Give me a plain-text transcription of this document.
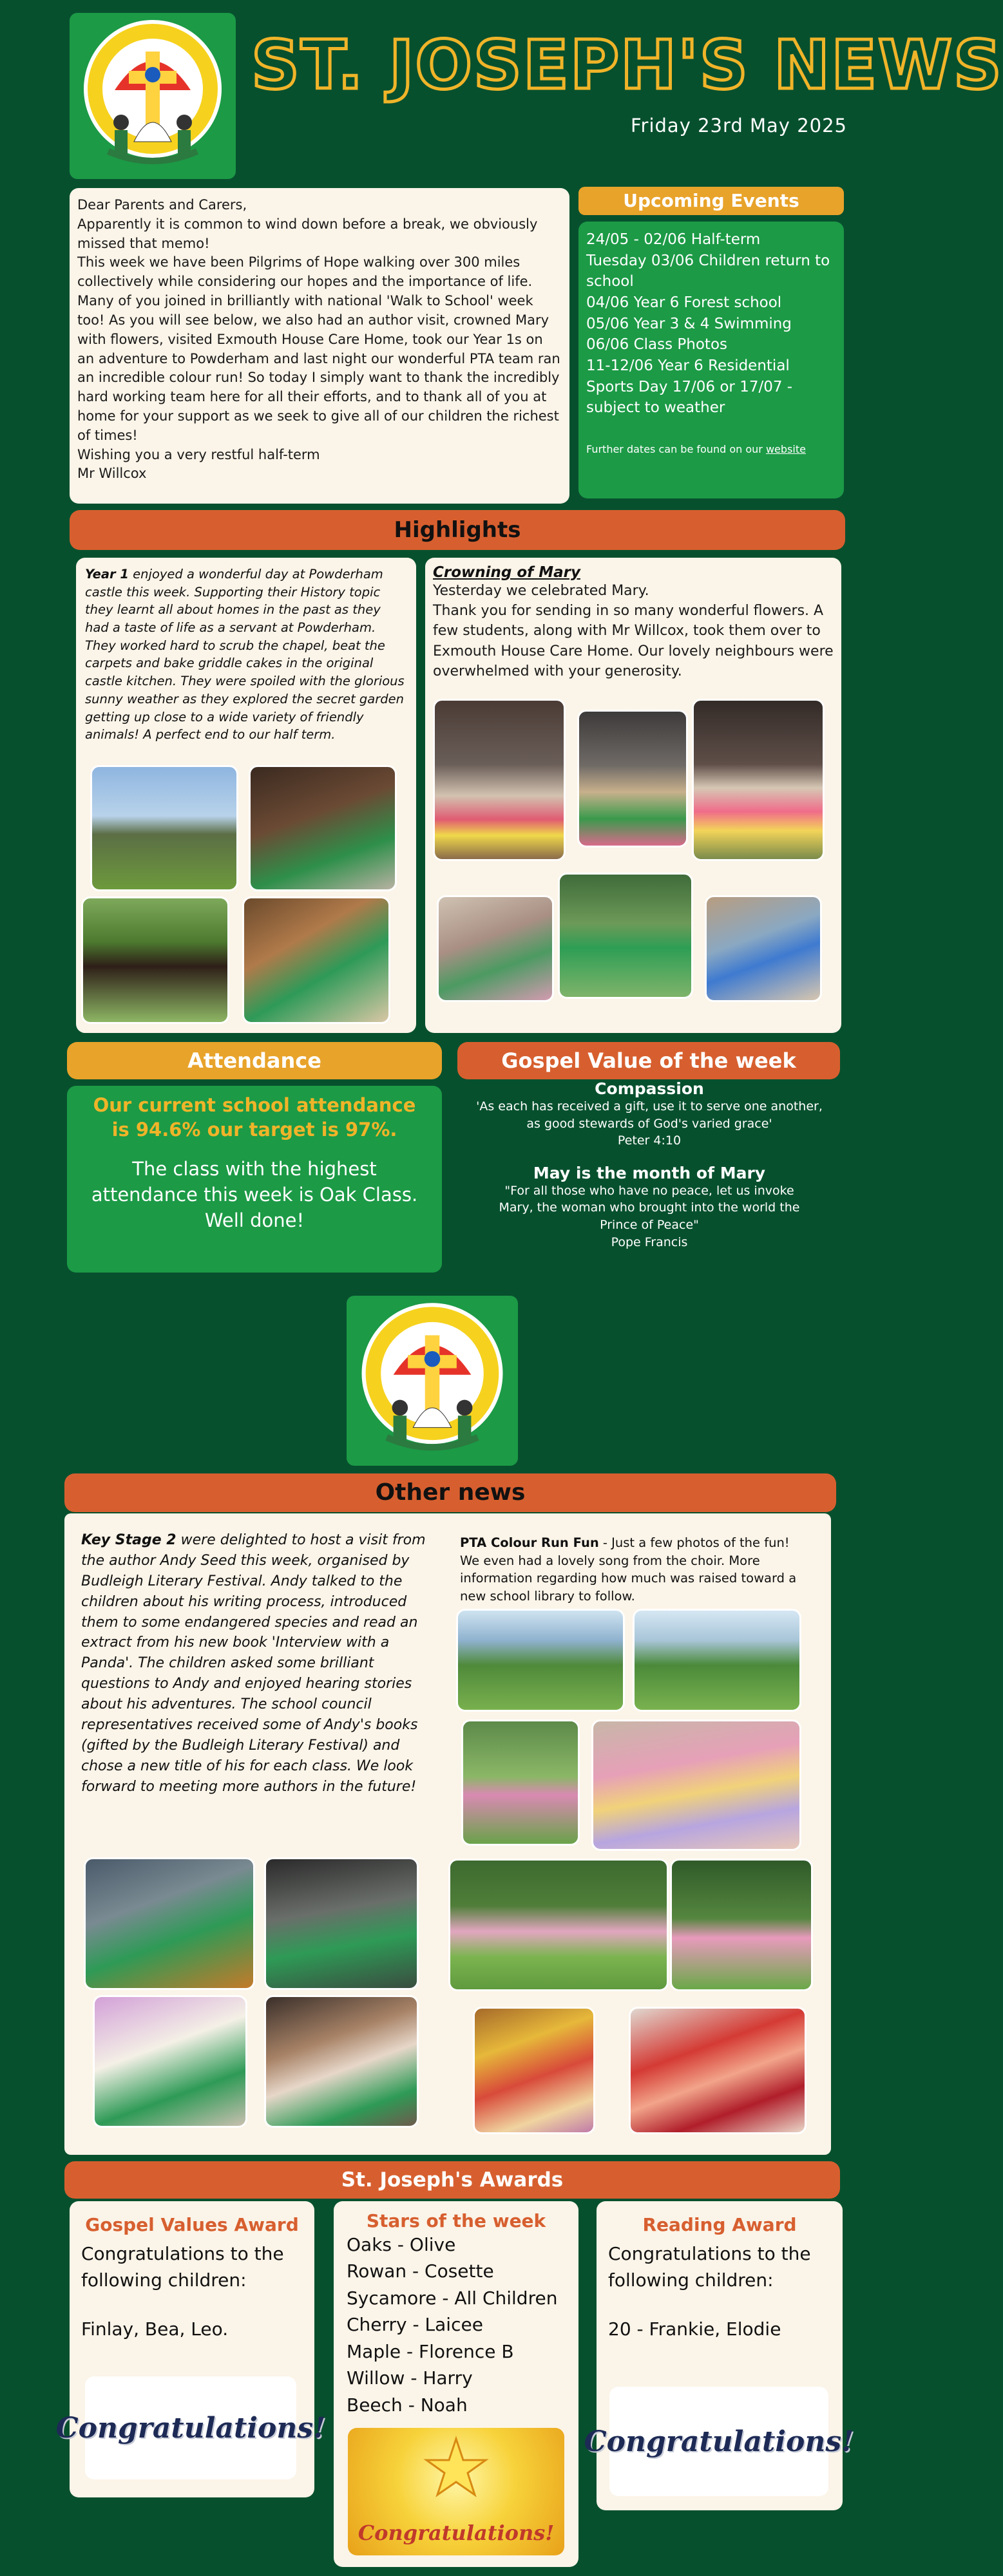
ST. JOSEPH'S NEWS
Friday 23rd May 2025

Dear Parents and Carers,

Apparently it is common to wind down before a break, we obviously missed that memo!

This week we have been Pilgrims of Hope walking over 300 miles collectively while considering our hopes and the importance of life. Many of you joined in brilliantly with national 'Walk to School' week too! As you will see below, we also had an author visit, crowned Mary with flowers, visited Exmouth House Care Home, took our Year 1s on an adventure to Powderham and last night our wonderful PTA team ran an incredible colour run! So today I simply want to thank the incredibly hard working team here for all their efforts, and to thank all of you at home for your support as we seek to give all of our children the richest of times!

Wishing you a very restful half-term

Mr Willcox

Upcoming Events
24/05 - 02/06 Half-term
Tuesday 03/06 Children return to school
04/06 Year 6 Forest school
05/06 Year 3 & 4 Swimming
06/06 Class Photos
11-12/06 Year 6 Residential
Sports Day 17/06 or 17/07 - subject to weather
Further dates can be found on our website
Highlights

Year 1 enjoyed a wonderful day at Powderham castle this week. Supporting their History topic they learnt all about homes in the past as they had a taste of life as a servant at Powderham. They worked hard to scrub the chapel, beat the carpets and bake griddle cakes in the original castle kitchen. They were spoiled with the glorious sunny weather as they explored the secret garden getting up close to a wide variety of friendly animals! A perfect end to our half term.

Crowning of Mary

Yesterday we celebrated Mary.

Thank you for sending in so many wonderful flowers. A few students, along with Mr Willcox, took them over to Exmouth House Care Home. Our lovely neighbours were overwhelmed with your generosity.

Attendance

Our current school attendance is 94.6% our target is 97%.

The class with the highest attendance this week is Oak Class. Well done!

Gospel Value of the week

Compassion

'As each has received a gift, use it to serve one another, as good stewards of God's varied grace'

Peter 4:10

May is the month of Mary

"For all those who have no peace, let us invoke Mary, the woman who brought into the world the Prince of Peace"

Pope Francis

Other news

Key Stage 2 were delighted to host a visit from the author Andy Seed this week, organised by Budleigh Literary Festival. Andy talked to the children about his writing process, introduced them to some endangered species and read an extract from his new book 'Interview with a Panda'. The children asked some brilliant questions to Andy and enjoyed hearing stories about his adventures. The school council representatives received some of Andy's books (gifted by the Budleigh Literary Festival) and chose a new title of his for each class. We look forward to meeting more authors in the future!

PTA Colour Run Fun - Just a few photos of the fun! We even had a lovely song from the choir. More information regarding how much was raised toward a new school library to follow.

St. Joseph's Awards

Gospel Values Award

Congratulations to the following children:

Finlay, Bea, Leo.

Congratulations!

Stars of the week

Oaks - Olive

Rowan - Cosette

Sycamore - All Children

Cherry - Laicee

Maple - Florence B

Willow - Harry

Beech - Noah

Congratulations!

Reading Award

Congratulations to the following children:

20 - Frankie, Elodie

Congratulations!
